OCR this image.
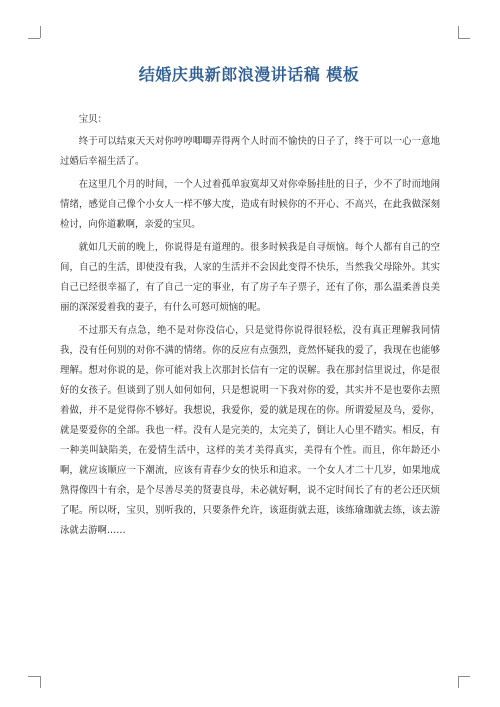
结婚庆典新郎浪漫讲话稿 模板

宝贝：

终于可以结束天天对你哼哼唧唧弄得两个人时而不愉快的日子了，终于可以一心一意地过婚后幸福生活了。

在这里几个月的时间，一个人过着孤单寂寞却又对你牵肠挂肚的日子，少不了时而地闹情绪，感觉自己像个小女人一样不够大度，造成有时候你的不开心、不高兴，在此我做深刻检讨，向你道歉啊，亲爱的宝贝。

就如几天前的晚上，你说得是有道理的。很多时候我是自寻烦恼。每个人都有自己的空间，自己的生活，即使没有我，人家的生活并不会因此变得不快乐，当然我父母除外。其实自己已经很幸福了，有了自己一定的事业，有了房子车子票子，还有了你，那么温柔善良美丽的深深爱着我的妻子，有什么可怒可烦恼的呢。

不过那天有点急，绝不是对你没信心，只是觉得你说得很轻松，没有真正理解我同情我，没有任何别的对你不满的情绪。你的反应有点强烈，竟然怀疑我的爱了，我现在也能够理解。想对你说的是，你可能对我上次那封长信有一定的误解。我在那封信里说过，你是很好的女孩子。但谈到了别人如何如何，只是想说明一下我对你的爱，其实并不是也要你去照着做，并不是觉得你不够好。我想说，我爱你，爱的就是现在的你。所谓爱屋及乌，爱你，就是要爱你的全部。我也一样。没有人是完美的，太完美了，倒让人心里不踏实。相反，有一种美叫缺陷美，在爱情生活中，这样的美才美得真实，美得有个性。而且，你年龄还小啊，就应该顺应一下潮流，应该有青春少女的快乐和追求。一个女人才二十几岁，如果地成熟得像四十有余，是个尽善尽美的贤妻良母，未必就好啊，说不定时间长了有的老公还厌烦了呢。所以呀，宝贝，别听我的，只要条件允许，该逛街就去逛，该练瑜珈就去练，该去游泳就去游啊……
